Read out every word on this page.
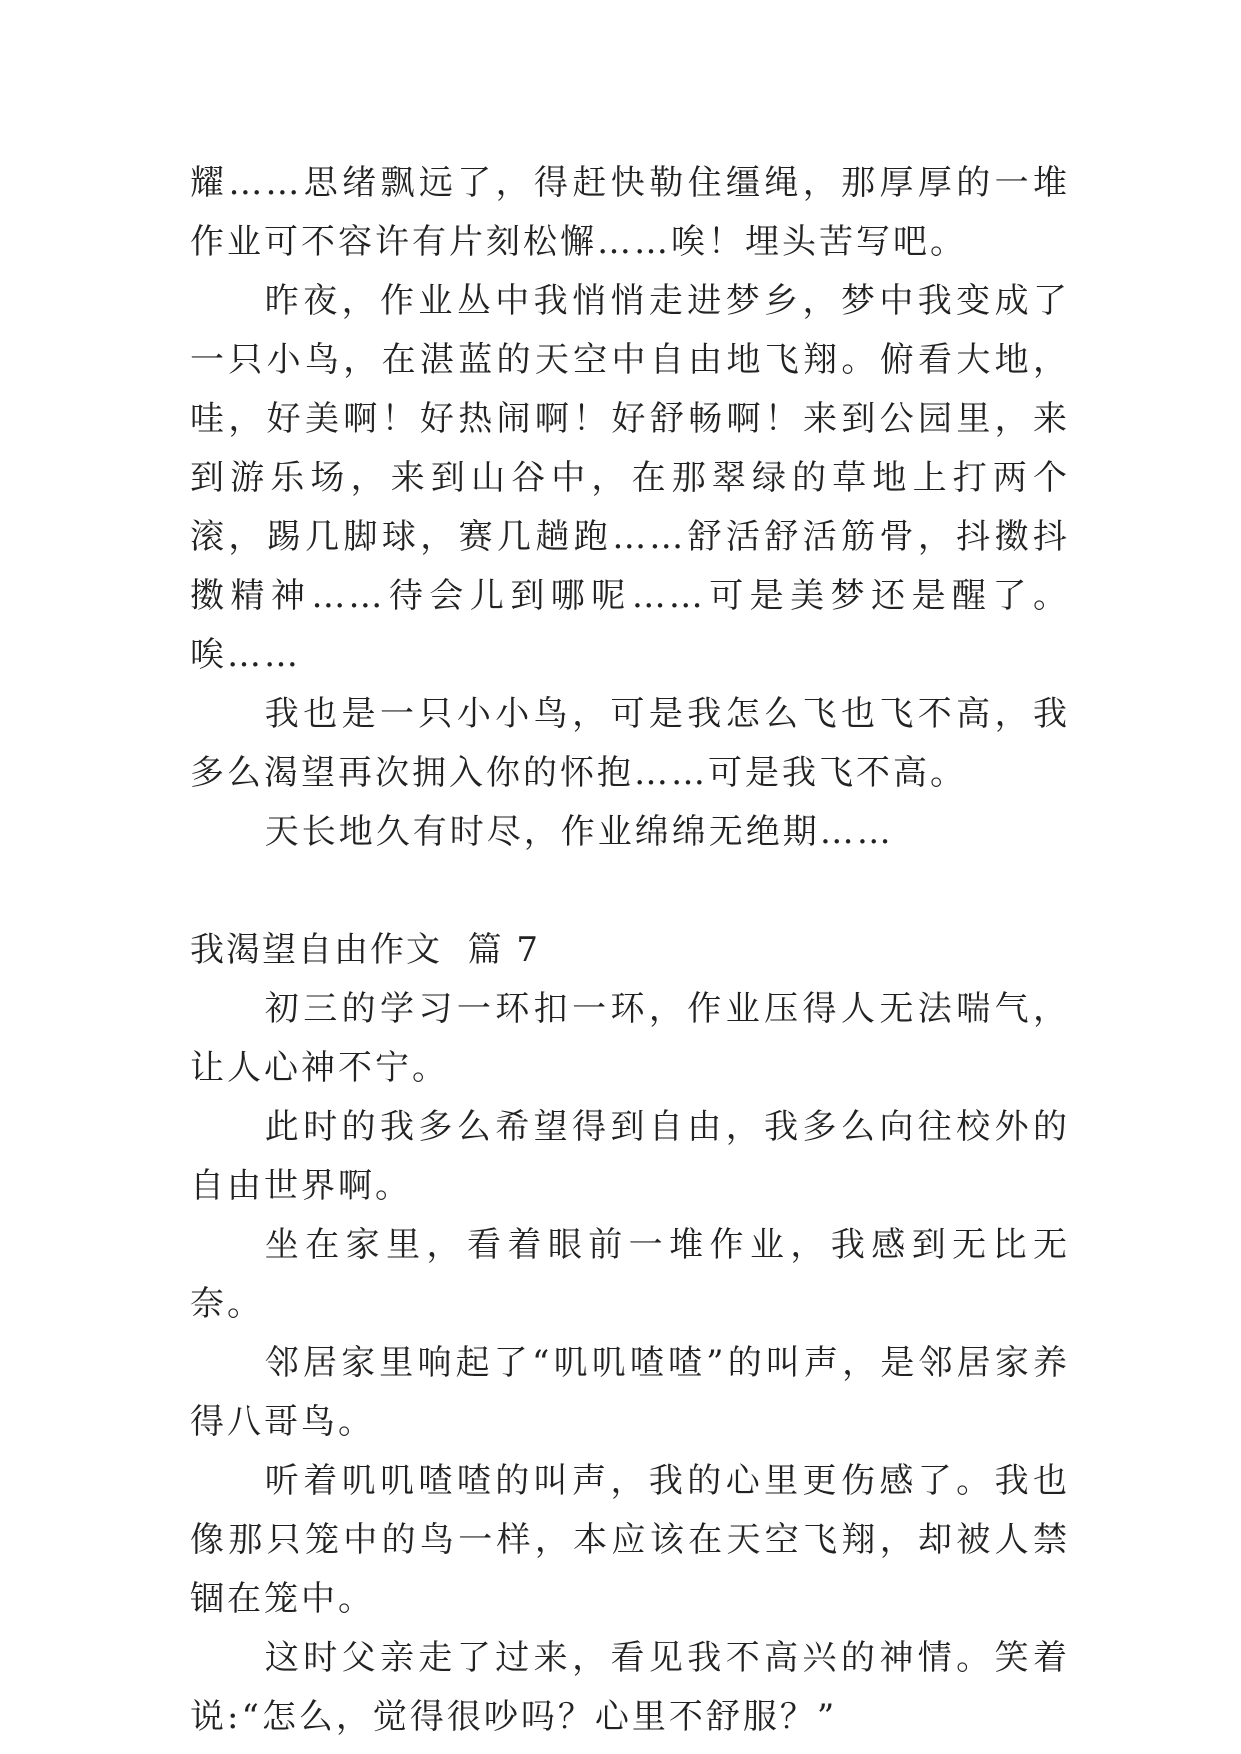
耀……思绪飘远了，得赶快勒住缰绳，那厚厚的一堆作业可不容许有片刻松懈……唉！埋头苦写吧。

昨夜，作业丛中我悄悄走进梦乡，梦中我变成了一只小鸟，在湛蓝的天空中自由地飞翔。俯看大地，哇，好美啊！好热闹啊！好舒畅啊！来到公园里，来到游乐场，来到山谷中，在那翠绿的草地上打两个滚，踢几脚球，赛几趟跑……舒活舒活筋骨，抖擞抖擞精神……待会儿到哪呢……可是美梦还是醒了。唉……

我也是一只小小鸟，可是我怎么飞也飞不高，我多么渴望再次拥入你的怀抱……可是我飞不高。

天长地久有时尽，作业绵绵无绝期……

我渴望自由作文  篇 7

初三的学习一环扣一环，作业压得人无法喘气，让人心神不宁。

此时的我多么希望得到自由，我多么向往校外的自由世界啊。

坐在家里，看着眼前一堆作业，我感到无比无奈。

邻居家里响起了“叽叽喳喳”的叫声，是邻居家养得八哥鸟。

听着叽叽喳喳的叫声，我的心里更伤感了。我也像那只笼中的鸟一样，本应该在天空飞翔，却被人禁锢在笼中。

这时父亲走了过来，看见我不高兴的神情。笑着说:“怎么，觉得很吵吗？心里不舒服？”
